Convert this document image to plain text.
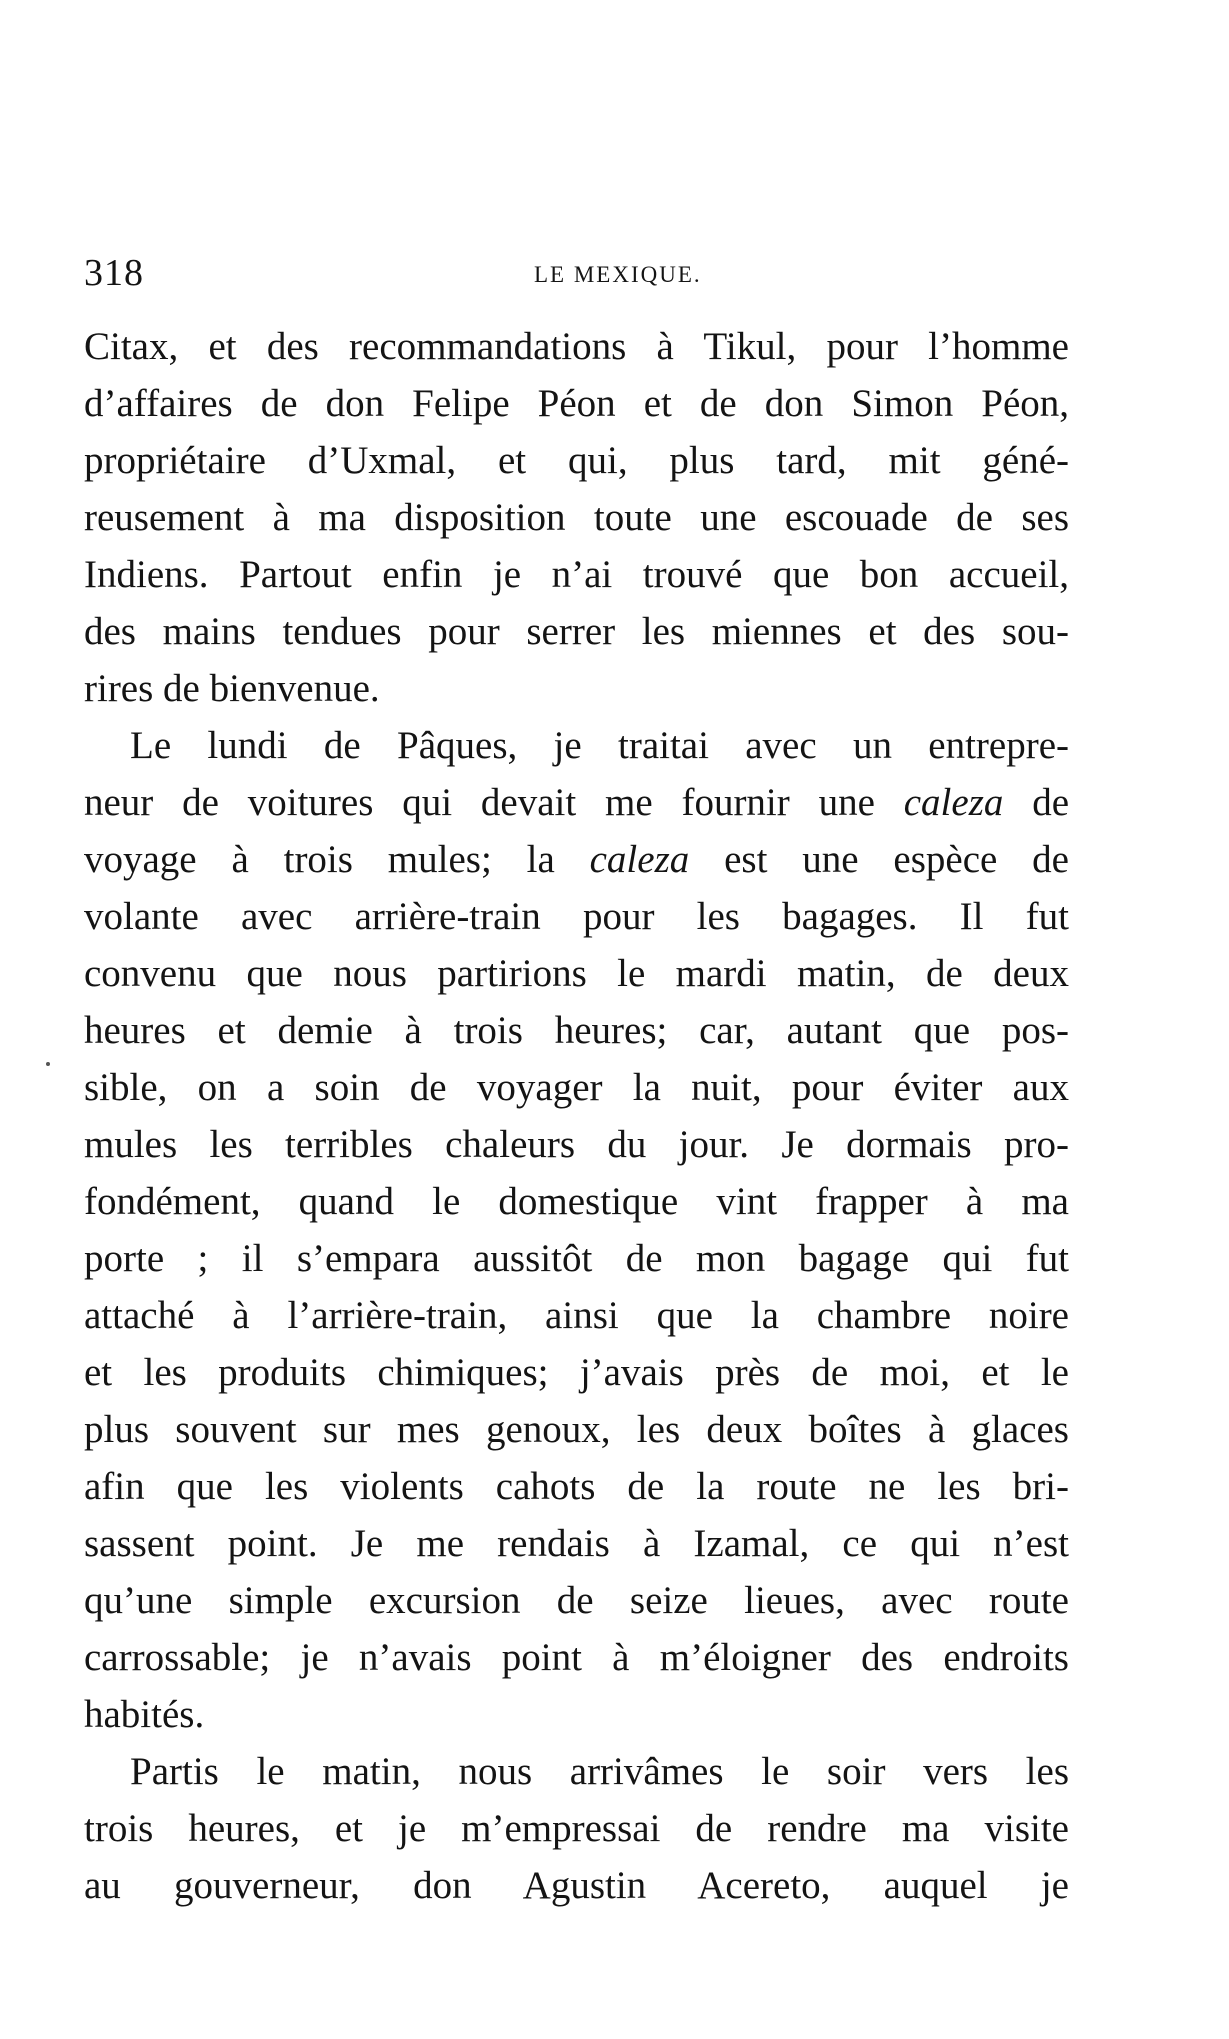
318	LE MEXIQUE.
Citax, et des recommandations à Tikul, pour l’homme
d’affaires de don Felipe Péon et de don Simon Péon,
propriétaire d’Uxmal, et qui, plus tard, mit géné-
reusement à ma disposition toute une escouade de ses
Indiens. Partout enfin je n’ai trouvé que bon accueil,
des mains tendues pour serrer les miennes et des sou-
rires de bienvenue.
Le lundi de Pâques, je traitai avec un entrepre-
neur de voitures qui devait me fournir une caleza de
voyage à trois mules; la caleza est une espèce de
volante avec arrière-train pour les bagages. Il fut
convenu que nous partirions le mardi matin, de deux
heures et demie à trois heures; car, autant que pos-
sible, on a soin de voyager la nuit, pour éviter aux
mules les terribles chaleurs du jour. Je dormais pro-
fondément, quand le domestique vint frapper à ma
porte ; il s’empara aussitôt de mon bagage qui fut
attaché à l’arrière-train, ainsi que la chambre noire
et les produits chimiques; j’avais près de moi, et le
plus souvent sur mes genoux, les deux boîtes à glaces
afin que les violents cahots de la route ne les bri-
sassent point. Je me rendais à Izamal, ce qui n’est
qu’une simple excursion de seize lieues, avec route
carrossable; je n’avais point à m’éloigner des endroits
habités.
Partis le matin, nous arrivâmes le soir vers les
trois heures, et je m’empressai de rendre ma visite
au gouverneur, don Agustin Acereto, auquel je
